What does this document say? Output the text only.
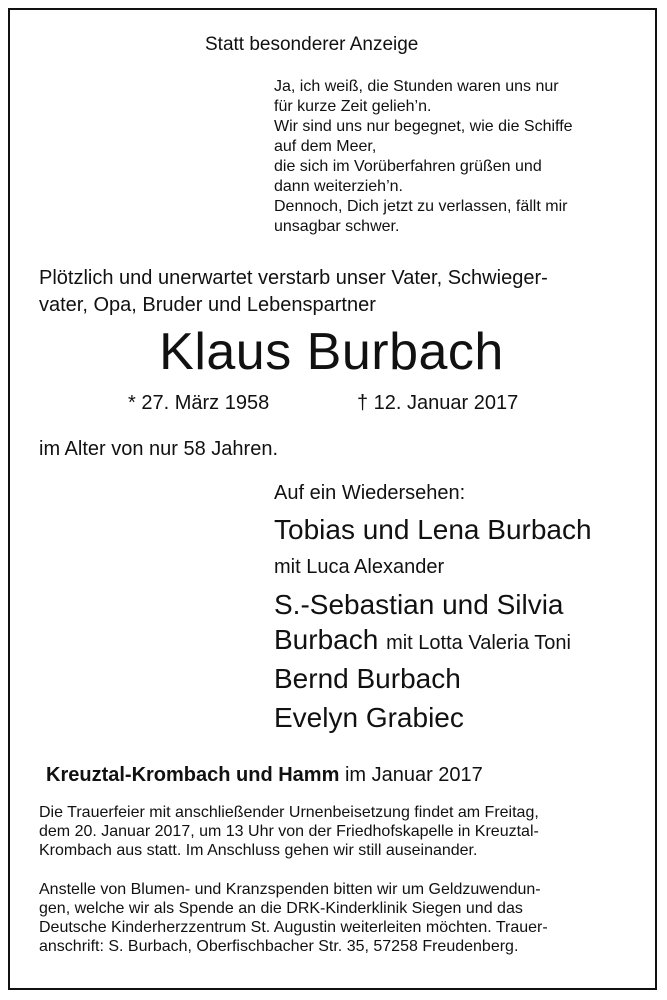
Statt besonderer Anzeige

Ja, ich weiß, die Stunden waren uns nur
für kurze Zeit gelieh’n.
Wir sind uns nur begegnet, wie die Schiffe
auf dem Meer,
die sich im Vorüberfahren grüßen und
dann weiterzieh’n.
Dennoch, Dich jetzt zu verlassen, fällt mir
unsagbar schwer.
Plötzlich und unerwartet verstarb unser Vater, Schwieger-
vater, Opa, Bruder und Lebenspartner
Klaus Burbach

* 27. März 1958	† 12. Januar 2017

im Alter von nur 58 Jahren.

Auf ein Wiedersehen:

Tobias und Lena Burbach

mit Luca Alexander

S.-Sebastian und Silvia

Burbach mit Lotta Valeria Toni

Bernd Burbach

Evelyn Grabiec

Kreuztal-Krombach und Hamm im Januar 2017

Die Trauerfeier mit anschließender Urnenbeisetzung findet am Freitag,
dem 20. Januar 2017, um 13 Uhr von der Friedhofskapelle in Kreuztal-
Krombach aus statt. Im Anschluss gehen wir still auseinander.
Anstelle von Blumen- und Kranzspenden bitten wir um Geldzuwendun-
gen, welche wir als Spende an die DRK-Kinderklinik Siegen und das
Deutsche Kinderherzzentrum St. Augustin weiterleiten möchten. Trauer-
anschrift: S. Burbach, Oberfischbacher Str. 35, 57258 Freudenberg.
